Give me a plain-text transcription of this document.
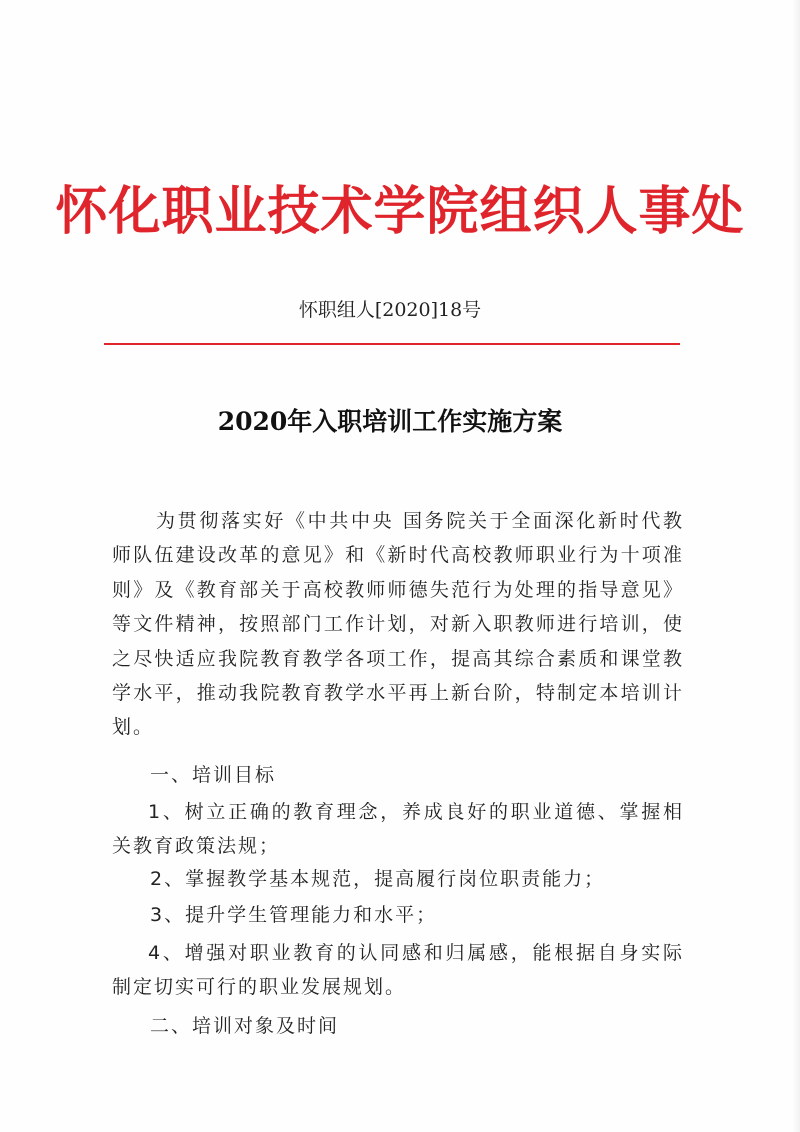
怀化职业技术学院组织人事处
怀职组人[2020]18号
2020年入职培训工作实施方案

为贯彻落实好《中共中央 国务院关于全面深化新时代教师队伍建设改革的意见》和《新时代高校教师职业行为十项准则》及《教育部关于高校教师师德失范行为处理的指导意见》等文件精神，按照部门工作计划，对新入职教师进行培训，使之尽快适应我院教育教学各项工作，提高其综合素质和课堂教学水平，推动我院教育教学水平再上新台阶，特制定本培训计划。

一、培训目标

1、树立正确的教育理念，养成良好的职业道德、掌握相关教育政策法规；

2、掌握教学基本规范，提高履行岗位职责能力；

3、提升学生管理能力和水平；

4、增强对职业教育的认同感和归属感，能根据自身实际制定切实可行的职业发展规划。

二、培训对象及时间
